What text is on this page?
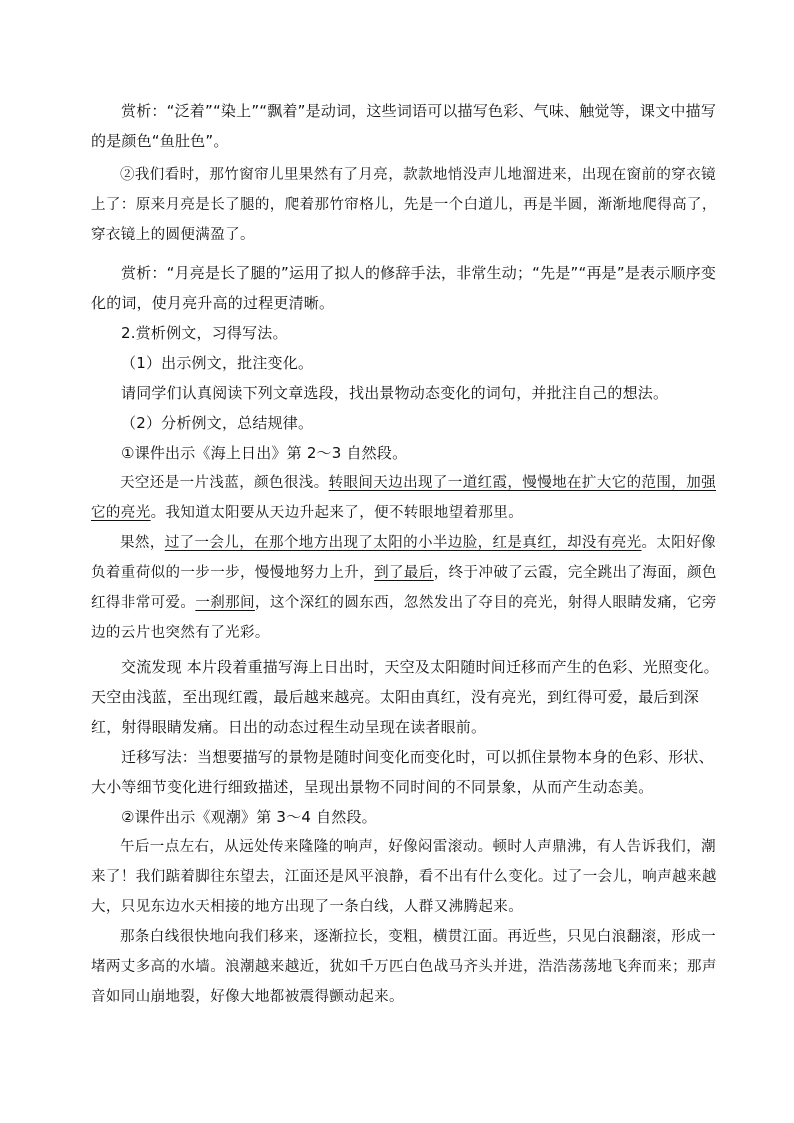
赏析：“泛着”“染上”“飘着”是动词，这些词语可以描写色彩、气味、触觉等，课文中描写的是颜色“鱼肚色”。

②我们看时，那竹窗帘儿里果然有了月亮，款款地悄没声儿地溜进来，出现在窗前的穿衣镜上了：原来月亮是长了腿的，爬着那竹帘格儿，先是一个白道儿，再是半圆，渐渐地爬得高了，穿衣镜上的圆便满盈了。

赏析：“月亮是长了腿的”运用了拟人的修辞手法，非常生动；“先是”“再是”是表示顺序变化的词，使月亮升高的过程更清晰。

2.赏析例文，习得写法。

（1）出示例文，批注变化。

请同学们认真阅读下列文章选段，找出景物动态变化的词句，并批注自己的想法。

（2）分析例文，总结规律。

①课件出示《海上日出》第 2～3 自然段。

天空还是一片浅蓝，颜色很浅。转眼间天边出现了一道红霞，慢慢地在扩大它的范围，加强它的亮光。我知道太阳要从天边升起来了，便不转眼地望着那里。

果然，过了一会儿，在那个地方出现了太阳的小半边脸，红是真红，却没有亮光。太阳好像负着重荷似的一步一步，慢慢地努力上升，到了最后，终于冲破了云霞，完全跳出了海面，颜色红得非常可爱。一刹那间，这个深红的圆东西，忽然发出了夺目的亮光，射得人眼睛发痛，它旁边的云片也突然有了光彩。

交流发现 本片段着重描写海上日出时，天空及太阳随时间迁移而产生的色彩、光照变化。天空由浅蓝，至出现红霞，最后越来越亮。太阳由真红，没有亮光，到红得可爱，最后到深红，射得眼睛发痛。日出的动态过程生动呈现在读者眼前。

迁移写法：当想要描写的景物是随时间变化而变化时，可以抓住景物本身的色彩、形状、大小等细节变化进行细致描述，呈现出景物不同时间的不同景象，从而产生动态美。

②课件出示《观潮》第 3～4 自然段。

午后一点左右，从远处传来隆隆的响声，好像闷雷滚动。顿时人声鼎沸，有人告诉我们，潮来了！我们踮着脚往东望去，江面还是风平浪静，看不出有什么变化。过了一会儿，响声越来越大，只见东边水天相接的地方出现了一条白线，人群又沸腾起来。

那条白线很快地向我们移来，逐渐拉长，变粗，横贯江面。再近些，只见白浪翻滚，形成一堵两丈多高的水墙。浪潮越来越近，犹如千万匹白色战马齐头并进，浩浩荡荡地飞奔而来；那声音如同山崩地裂，好像大地都被震得颤动起来。
